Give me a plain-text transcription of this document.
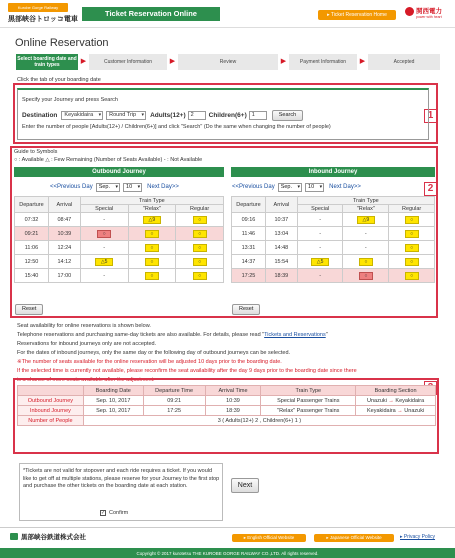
Kurobe Gorge Railway
黒部峡谷トロッコ電車
Ticket Reservation Online	▸ Ticket Reservation Home	関西電力
power with heart
Online Reservation
Select boarding date and train types	▶	Customer Information	▶	Review	▶	Payment Information	▶	Accepted
Click the tab of your boarding date
1
Specify your Journey and press Search
Destination	Keyakidaira ▾	Round Trip ▾ Adults(12+) 2	Children(6+) 1	Search
Enter the number of people [Adults(12+) / Children(6+)] and click "Search" (Do the same when changing the number of people)
2
Guide to Symbols
○ : Available △ : Few Remaining (Number of Seats Available) - : Not Available
Outbound Journey
<<Previous Day	Sep. ▾	10 ▾ Next Day>>
Departure	Arrival	Train Type		
		Special	"Relax"	Regular
07:32	08:47	-	△9	○
09:21	10:39	○	○	○
11:06	12:24	-	○	○
12:50	14:12	△5	○	○
15:40	17:00	-	○	○
Reset
Inbound Journey
<<Previous Day	Sep. ▾	10 ▾ Next Day>>
Departure	Arrival	Train Type		
		Special	"Relax"	Regular
09:16	10:37	-	△9	○
11:46	13:04	-	-	○
13:31	14:48	-	-	○
14:37	15:54	△5	○	○
17:25	18:39	-	○	○
Reset
Seat availability for online reservations is shown below.
Telephone reservations and purchasing same-day tickets are also available. For details, please read "Tickets and Reservations"
Reservations for inbound journeys only are not accepted.
For the dates of inbound journeys, only the same day or the following day of outbound journeys can be selected.
※The number of seats available for the online reservation will be adjusted 10 days prior to the boarding date.
If the selected time is currently not available, please reconfirm the seat availability after the day 9 days prior to the boarding date since there
is a chance of more seats available after the adjustment.
	Boarding Date	Departure Time	Arrival Time	Train Type	Boarding Section
Outbound Journey	Sep. 10, 2017	09:21	10:39	Special Passenger Trains	Unazuki → Keyakidaira
Inbound Journey	Sep. 10, 2017	17:25	18:39	"Relax" Passenger Trains	Keyakidaira → Unazuki
Number of People	3 ( Adults(12+) 2 , Children(6+) 1 )				
*Tickets are not valid for stopover and each ride requires a ticket. If you would like to get off at multiple stations, please reserve for your Journey to the first stop and purchase the other tickets on the boarding date at each station.
✓ Confirm
Next
黒部峡谷鉄道株式会社	▸ English Official Website	▸ Japanese Official Website	▸ Privacy Policy
Copyright © 2017 kurotetsu THE KUROBE GORGE RAILWAY CO.,LTD. All rights reserved.
